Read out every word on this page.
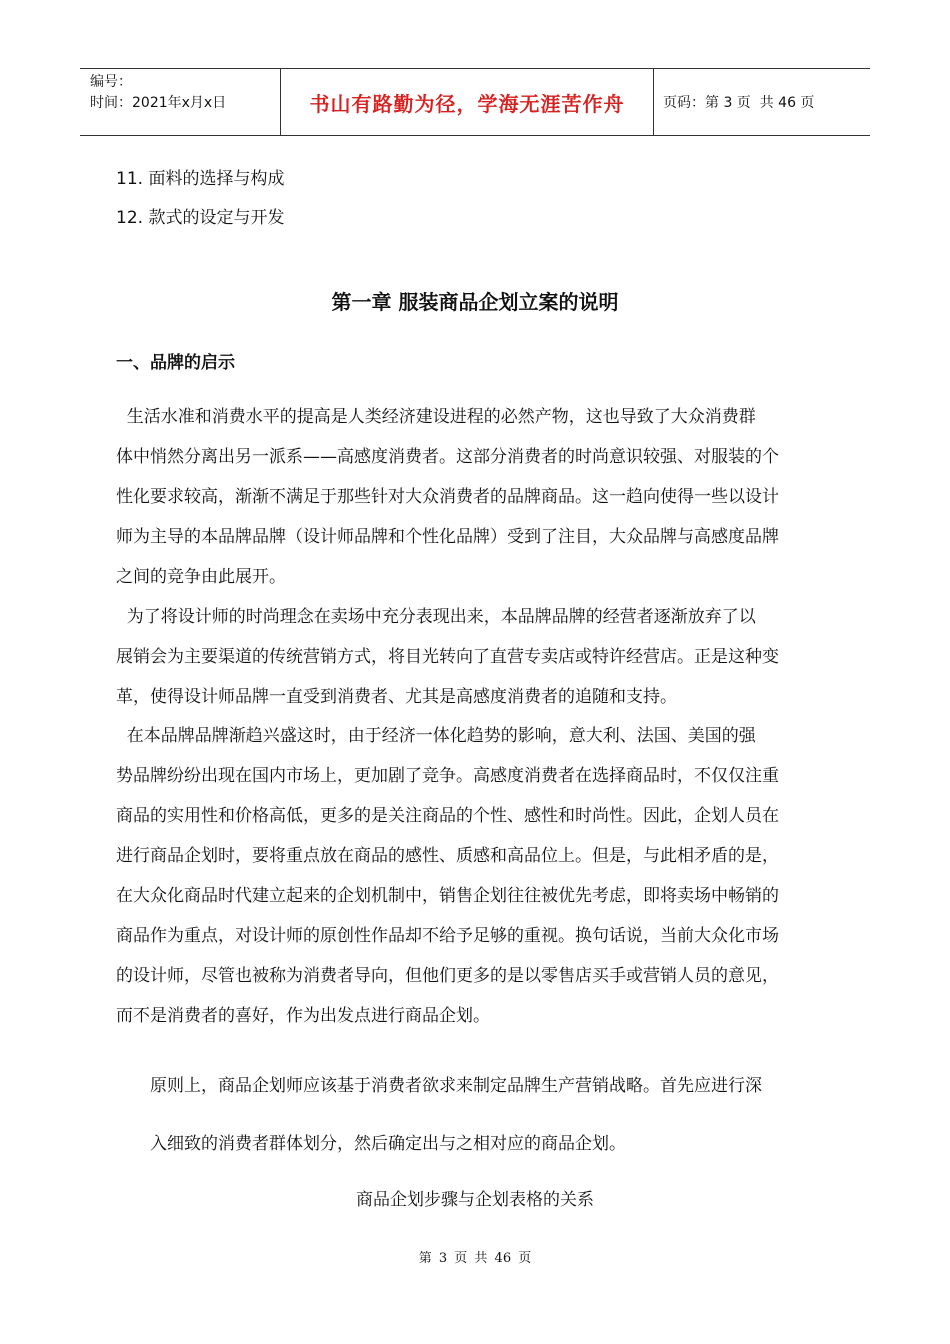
编号：
时间：2021年x月x日	书山有路勤为径，学海无涯苦作舟	页码：第 3 页  共 46 页
11. 面料的选择与构成
12. 款式的设定与开发
第一章 服装商品企划立案的说明
一、品牌的启示

生活水准和消费水平的提高是人类经济建设进程的必然产物，这也导致了大众消费群
体中悄然分离出另一派系——高感度消费者。这部分消费者的时尚意识较强、对服装的个
性化要求较高，渐渐不满足于那些针对大众消费者的品牌商品。这一趋向使得一些以设计
师为主导的本品牌品牌（设计师品牌和个性化品牌）受到了注目，大众品牌与高感度品牌
之间的竞争由此展开。

为了将设计师的时尚理念在卖场中充分表现出来，本品牌品牌的经营者逐渐放弃了以
展销会为主要渠道的传统营销方式，将目光转向了直营专卖店或特许经营店。正是这种变
革，使得设计师品牌一直受到消费者、尤其是高感度消费者的追随和支持。

在本品牌品牌渐趋兴盛这时，由于经济一体化趋势的影响，意大利、法国、美国的强
势品牌纷纷出现在国内市场上，更加剧了竞争。高感度消费者在选择商品时，不仅仅注重
商品的实用性和价格高低，更多的是关注商品的个性、感性和时尚性。因此，企划人员在
进行商品企划时，要将重点放在商品的感性、质感和高品位上。但是，与此相矛盾的是，
在大众化商品时代建立起来的企划机制中，销售企划往往被优先考虑，即将卖场中畅销的
商品作为重点，对设计师的原创性作品却不给予足够的重视。换句话说，当前大众化市场
的设计师，尽管也被称为消费者导向，但他们更多的是以零售店买手或营销人员的意见，
而不是消费者的喜好，作为出发点进行商品企划。

原则上，商品企划师应该基于消费者欲求来制定品牌生产营销战略。首先应进行深
入细致的消费者群体划分，然后确定出与之相对应的商品企划。
商品企划步骤与企划表格的关系
第 3 页 共 46 页
